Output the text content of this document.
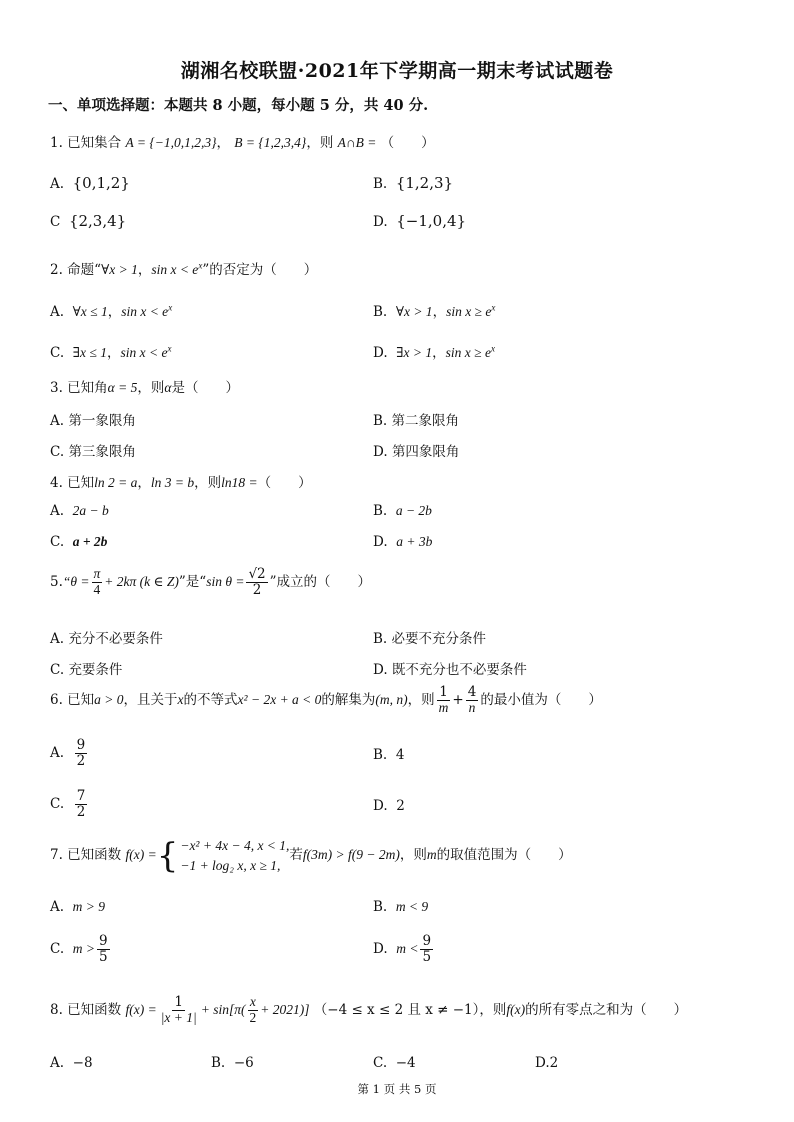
湖湘名校联盟·2021年下学期高一期末考试试题卷
一、单项选择题：本题共 8 小题，每小题 5 分，共 40 分.
1. 已知集合 A = {−1,0,1,2,3}， B = {1,2,3,4}，则 A∩B = （　　）
A. {0,1,2}	B. {1,2,3}
C {2,3,4}	D. {−1,0,4}
2. 命题“∀x > 1，$\sin x < e^x$”的否定为（　　）
A. ∀x ≤ 1，$\sin x < e^x$	B. ∀x > 1，$\sin x \ge e^x$
C. ∃x ≤ 1，$\sin x < e^x$	D. ∃x > 1，$\sin x \ge e^x$
3. 已知角α = 5，则α是（　　）
A. 第一象限角	B. 第二象限角
C. 第三象限角	D. 第四象限角
4. 已知ln 2 = a，ln 3 = b，则ln18 =（　　）
A. 2a − b	B. a − 2b
C. a + 2b	D. a + 3b
5.“θ = $\frac{\pi}{4} + 2k\pi$ (k ∈ Z)”是“sin $\theta = \frac{√2}{2}$ ”成立的（　　）
A. 充分不必要条件	B. 必要不充分条件
C. 充要条件	D. 既不充分也不必要条件
6. 已知a > 0，且关于x的不等式x² − 2x + a < 0的解集为(m, n)，则 $\frac{1}{m} + \frac{4}{n}$ 的最小值为（　　）
A. $\frac{9}{2}$	B. 4
C. $\frac{7}{2}$	D. 2
7. 已知函数 f(x) = { −x² + 4x − 4, x < 1,
−1 + log₂ x, x ≥ 1,
若f(3m) > f(9 − 2m)，则m的取值范围为（　　）
A. m > 9	B. m < 9
C. $m > \frac{9}{5}$	D. $m < \frac{9}{5}$
8. 已知函数 $f(x) = \frac{1}{|x + 1|} + \sin[\pi( \frac{x}{2} + 2021)] (-4 \le x \le 2$ 且 x ≠ −1），则f(x)的所有零点之和为（　　）
A. −8	B. −6	C. −4	D.2
第 1 页 共 5 页
